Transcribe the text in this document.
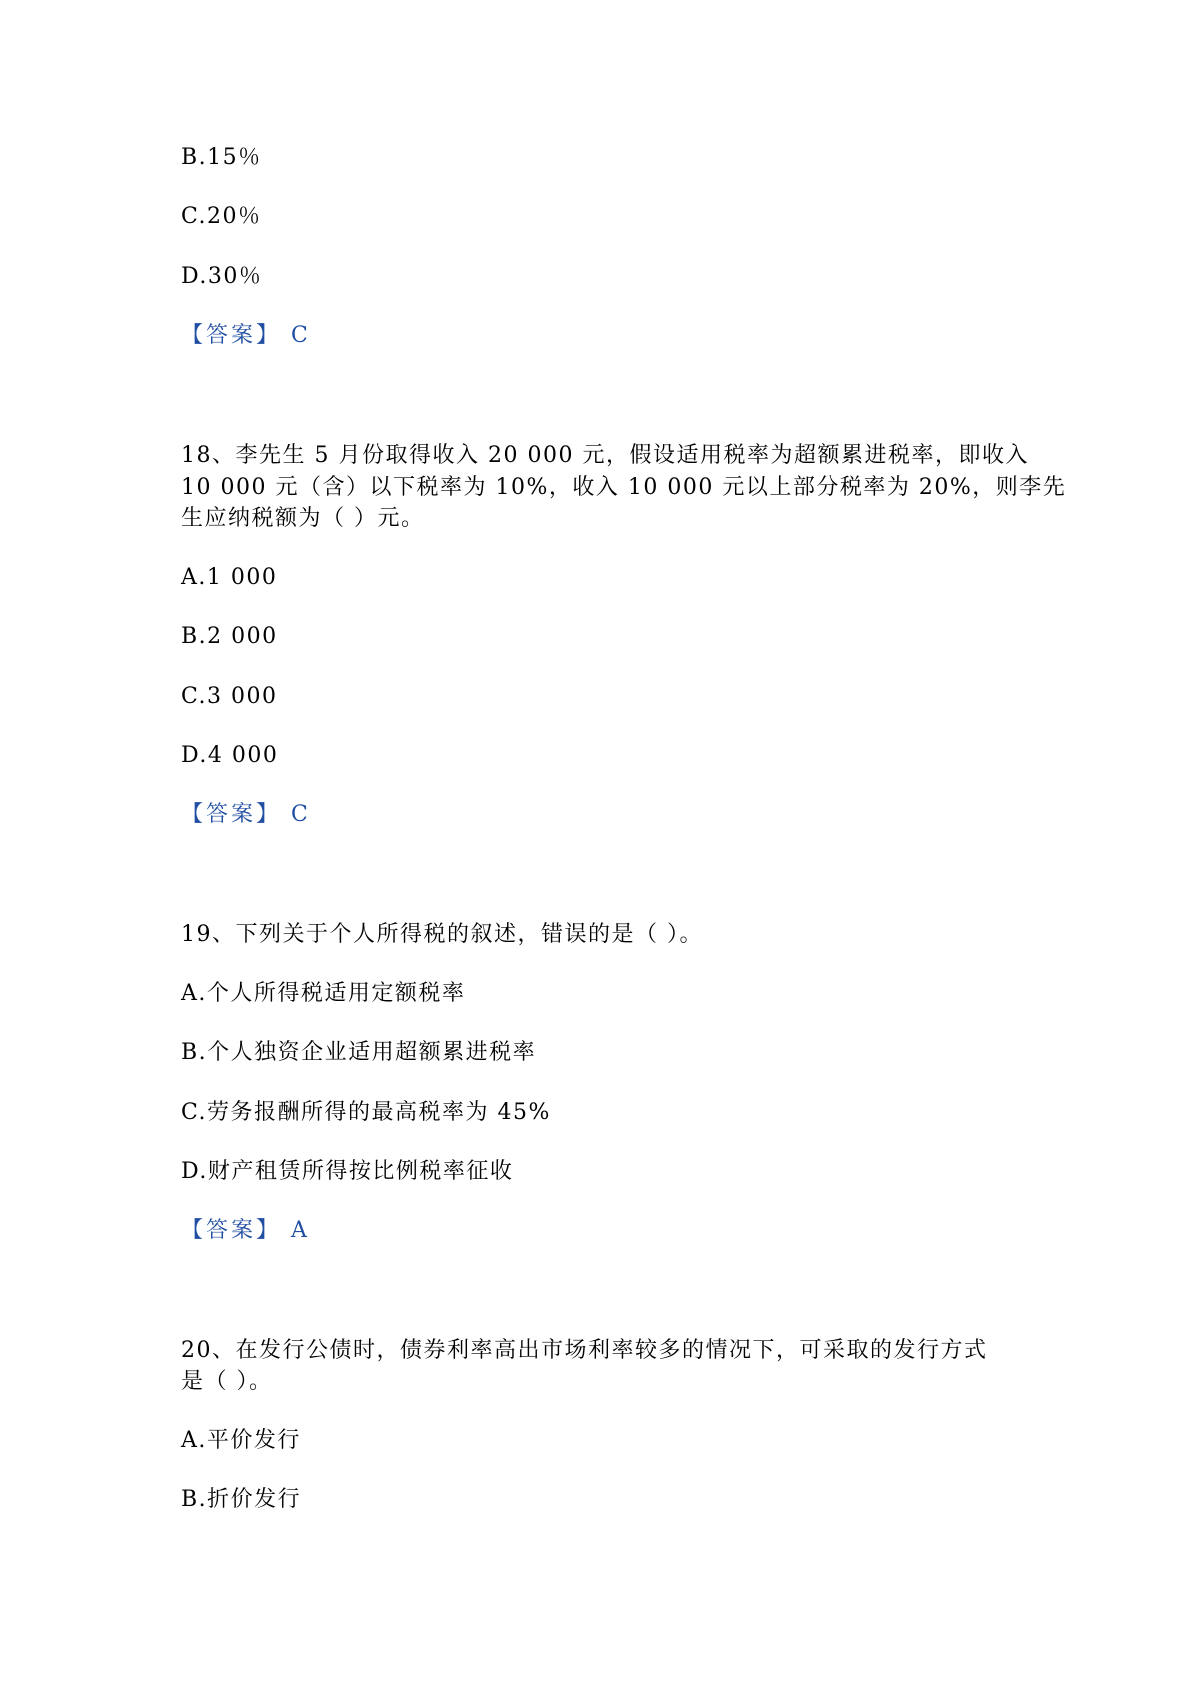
B.15％
C.20％
D.30％
【答案】 C
18、李先生 5 月份取得收入 20 000 元，假设适用税率为超额累进税率，即收入
10 000 元（含）以下税率为 10%，收入 10 000 元以上部分税率为 20%，则李先
生应纳税额为（ ）元。
A.1 000
B.2 000
C.3 000
D.4 000
【答案】 C
19、下列关于个人所得税的叙述，错误的是（ ）。
A.个人所得税适用定额税率
B.个人独资企业适用超额累进税率
C.劳务报酬所得的最高税率为 45%
D.财产租赁所得按比例税率征收
【答案】 A
20、在发行公债时，债券利率高出市场利率较多的情况下，可采取的发行方式
是（ ）。
A.平价发行
B.折价发行
